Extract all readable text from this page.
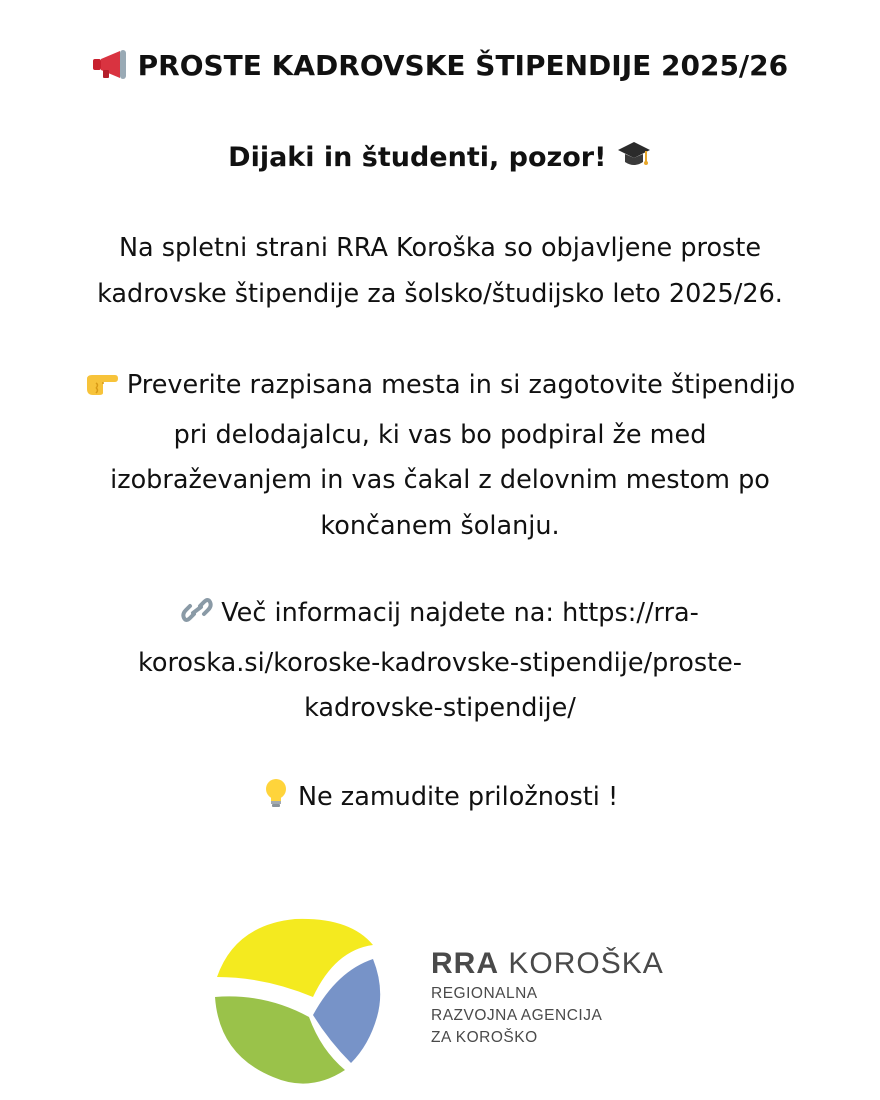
PROSTE KADROVSKE ŠTIPENDIJE 2025/26
Dijaki in študenti, pozor!
Na spletni strani RRA Koroška so objavljene proste
kadrovske štipendije za šolsko/študijsko leto 2025/26.
Preverite razpisana mesta in si zagotovite štipendijo
pri delodajalcu, ki vas bo podpiral že med
izobraževanjem in vas čakal z delovnim mestom po
končanem šolanju.
Več informacij najdete na: https://rra-
koroska.si/koroske-kadrovske-stipendije/proste-
kadrovske-stipendije/
Ne zamudite priložnosti !
RRA KOROŠKA
REGIONALNA
RAZVOJNA AGENCIJA
ZA KOROŠKO
